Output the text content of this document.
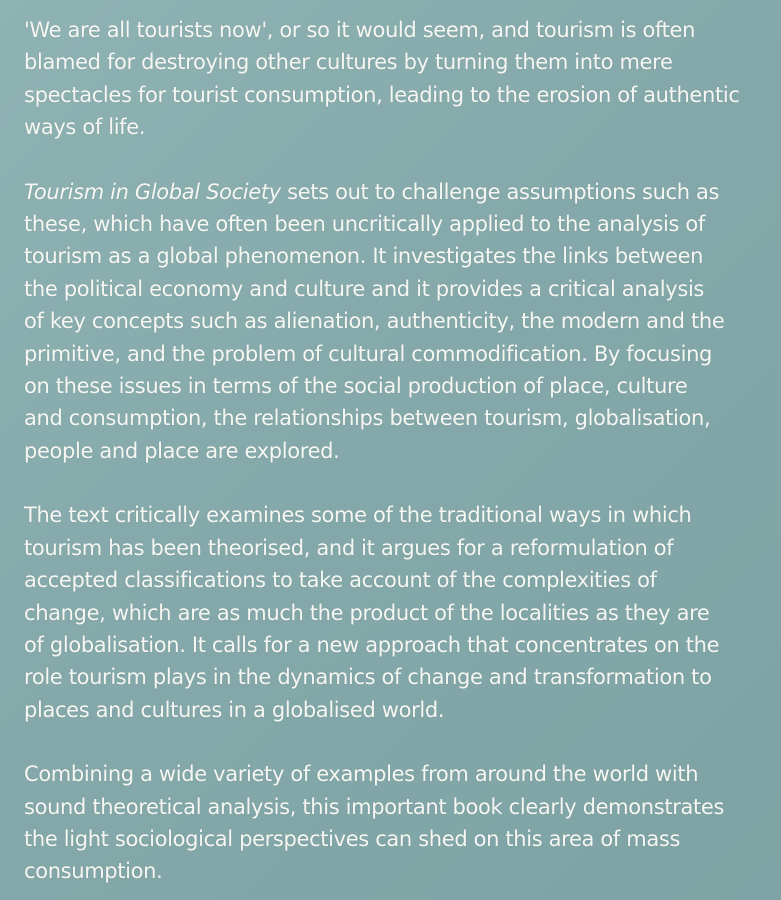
'We are all tourists now', or so it would seem, and tourism is often
blamed for destroying other cultures by turning them into mere
spectacles for tourist consumption, leading to the erosion of authentic
ways of life.
Tourism in Global Society sets out to challenge assumptions such as
these, which have often been uncritically applied to the analysis of
tourism as a global phenomenon. It investigates the links between
the political economy and culture and it provides a critical analysis
of key concepts such as alienation, authenticity, the modern and the
primitive, and the problem of cultural commodification. By focusing
on these issues in terms of the social production of place, culture
and consumption, the relationships between tourism, globalisation,
people and place are explored.
The text critically examines some of the traditional ways in which
tourism has been theorised, and it argues for a reformulation of
accepted classifications to take account of the complexities of
change, which are as much the product of the localities as they are
of globalisation. It calls for a new approach that concentrates on the
role tourism plays in the dynamics of change and transformation to
places and cultures in a globalised world.
Combining a wide variety of examples from around the world with
sound theoretical analysis, this important book clearly demonstrates
the light sociological perspectives can shed on this area of mass
consumption.
